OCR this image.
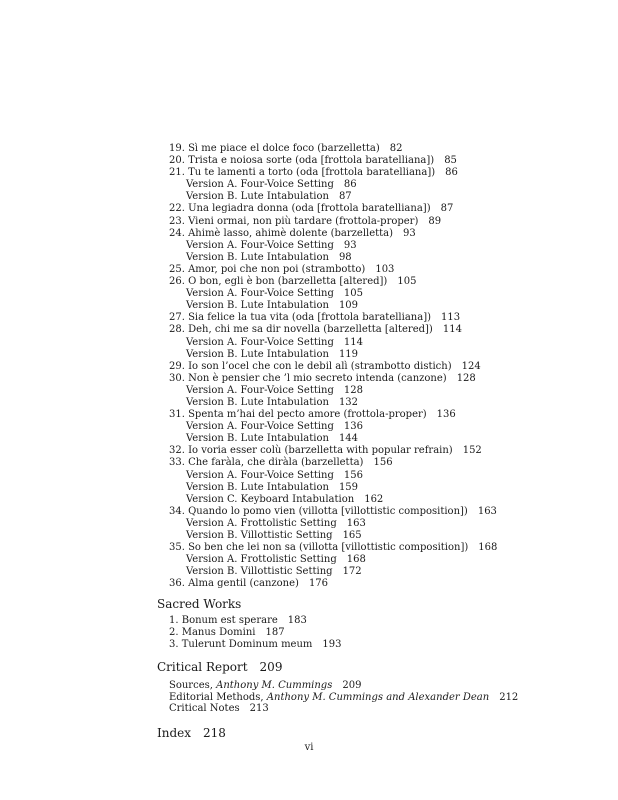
19. Sì me piace el dolce foco (barzelletta) 82
20. Trista e noiosa sorte (oda [frottola baratelliana]) 85
21. Tu te lamenti a torto (oda [frottola baratelliana]) 86
Version A. Four-Voice Setting 86
Version B. Lute Intabulation 87
22. Una legiadra donna (oda [frottola baratelliana]) 87
23. Vieni ormai, non più tardare (frottola-proper) 89
24. Ahimè lasso, ahimè dolente (barzelletta) 93
Version A. Four-Voice Setting 93
Version B. Lute Intabulation 98
25. Amor, poi che non poi (strambotto) 103
26. O bon, egli è bon (barzelletta [altered]) 105
Version A. Four-Voice Setting 105
Version B. Lute Intabulation 109
27. Sia felice la tua vita (oda [frottola baratelliana]) 113
28. Deh, chi me sa dir novella (barzelletta [altered]) 114
Version A. Four-Voice Setting 114
Version B. Lute Intabulation 119
29. Io son l’ocel che con le debil alì (strambotto distich) 124
30. Non è pensier che ’l mio secreto intenda (canzone) 128
Version A. Four-Voice Setting 128
Version B. Lute Intabulation 132
31. Spenta m’hai del pecto amore (frottola-proper) 136
Version A. Four-Voice Setting 136
Version B. Lute Intabulation 144
32. Io voria esser colù (barzelletta with popular refrain) 152
33. Che faràla, che diràla (barzelletta) 156
Version A. Four-Voice Setting 156
Version B. Lute Intabulation 159
Version C. Keyboard Intabulation 162
34. Quando lo pomo vien (villotta [villottistic composition]) 163
Version A. Frottolistic Setting 163
Version B. Villottistic Setting 165
35. So ben che lei non sa (villotta [villottistic composition]) 168
Version A. Frottolistic Setting 168
Version B. Villottistic Setting 172
36. Alma gentil (canzone) 176
Sacred Works
1. Bonum est sperare 183
2. Manus Domini 187
3. Tulerunt Dominum meum 193
Critical Report 209
Sources, Anthony M. Cummings 209
Editorial Methods, Anthony M. Cummings and Alexander Dean 212
Critical Notes 213
Index 218
vi
